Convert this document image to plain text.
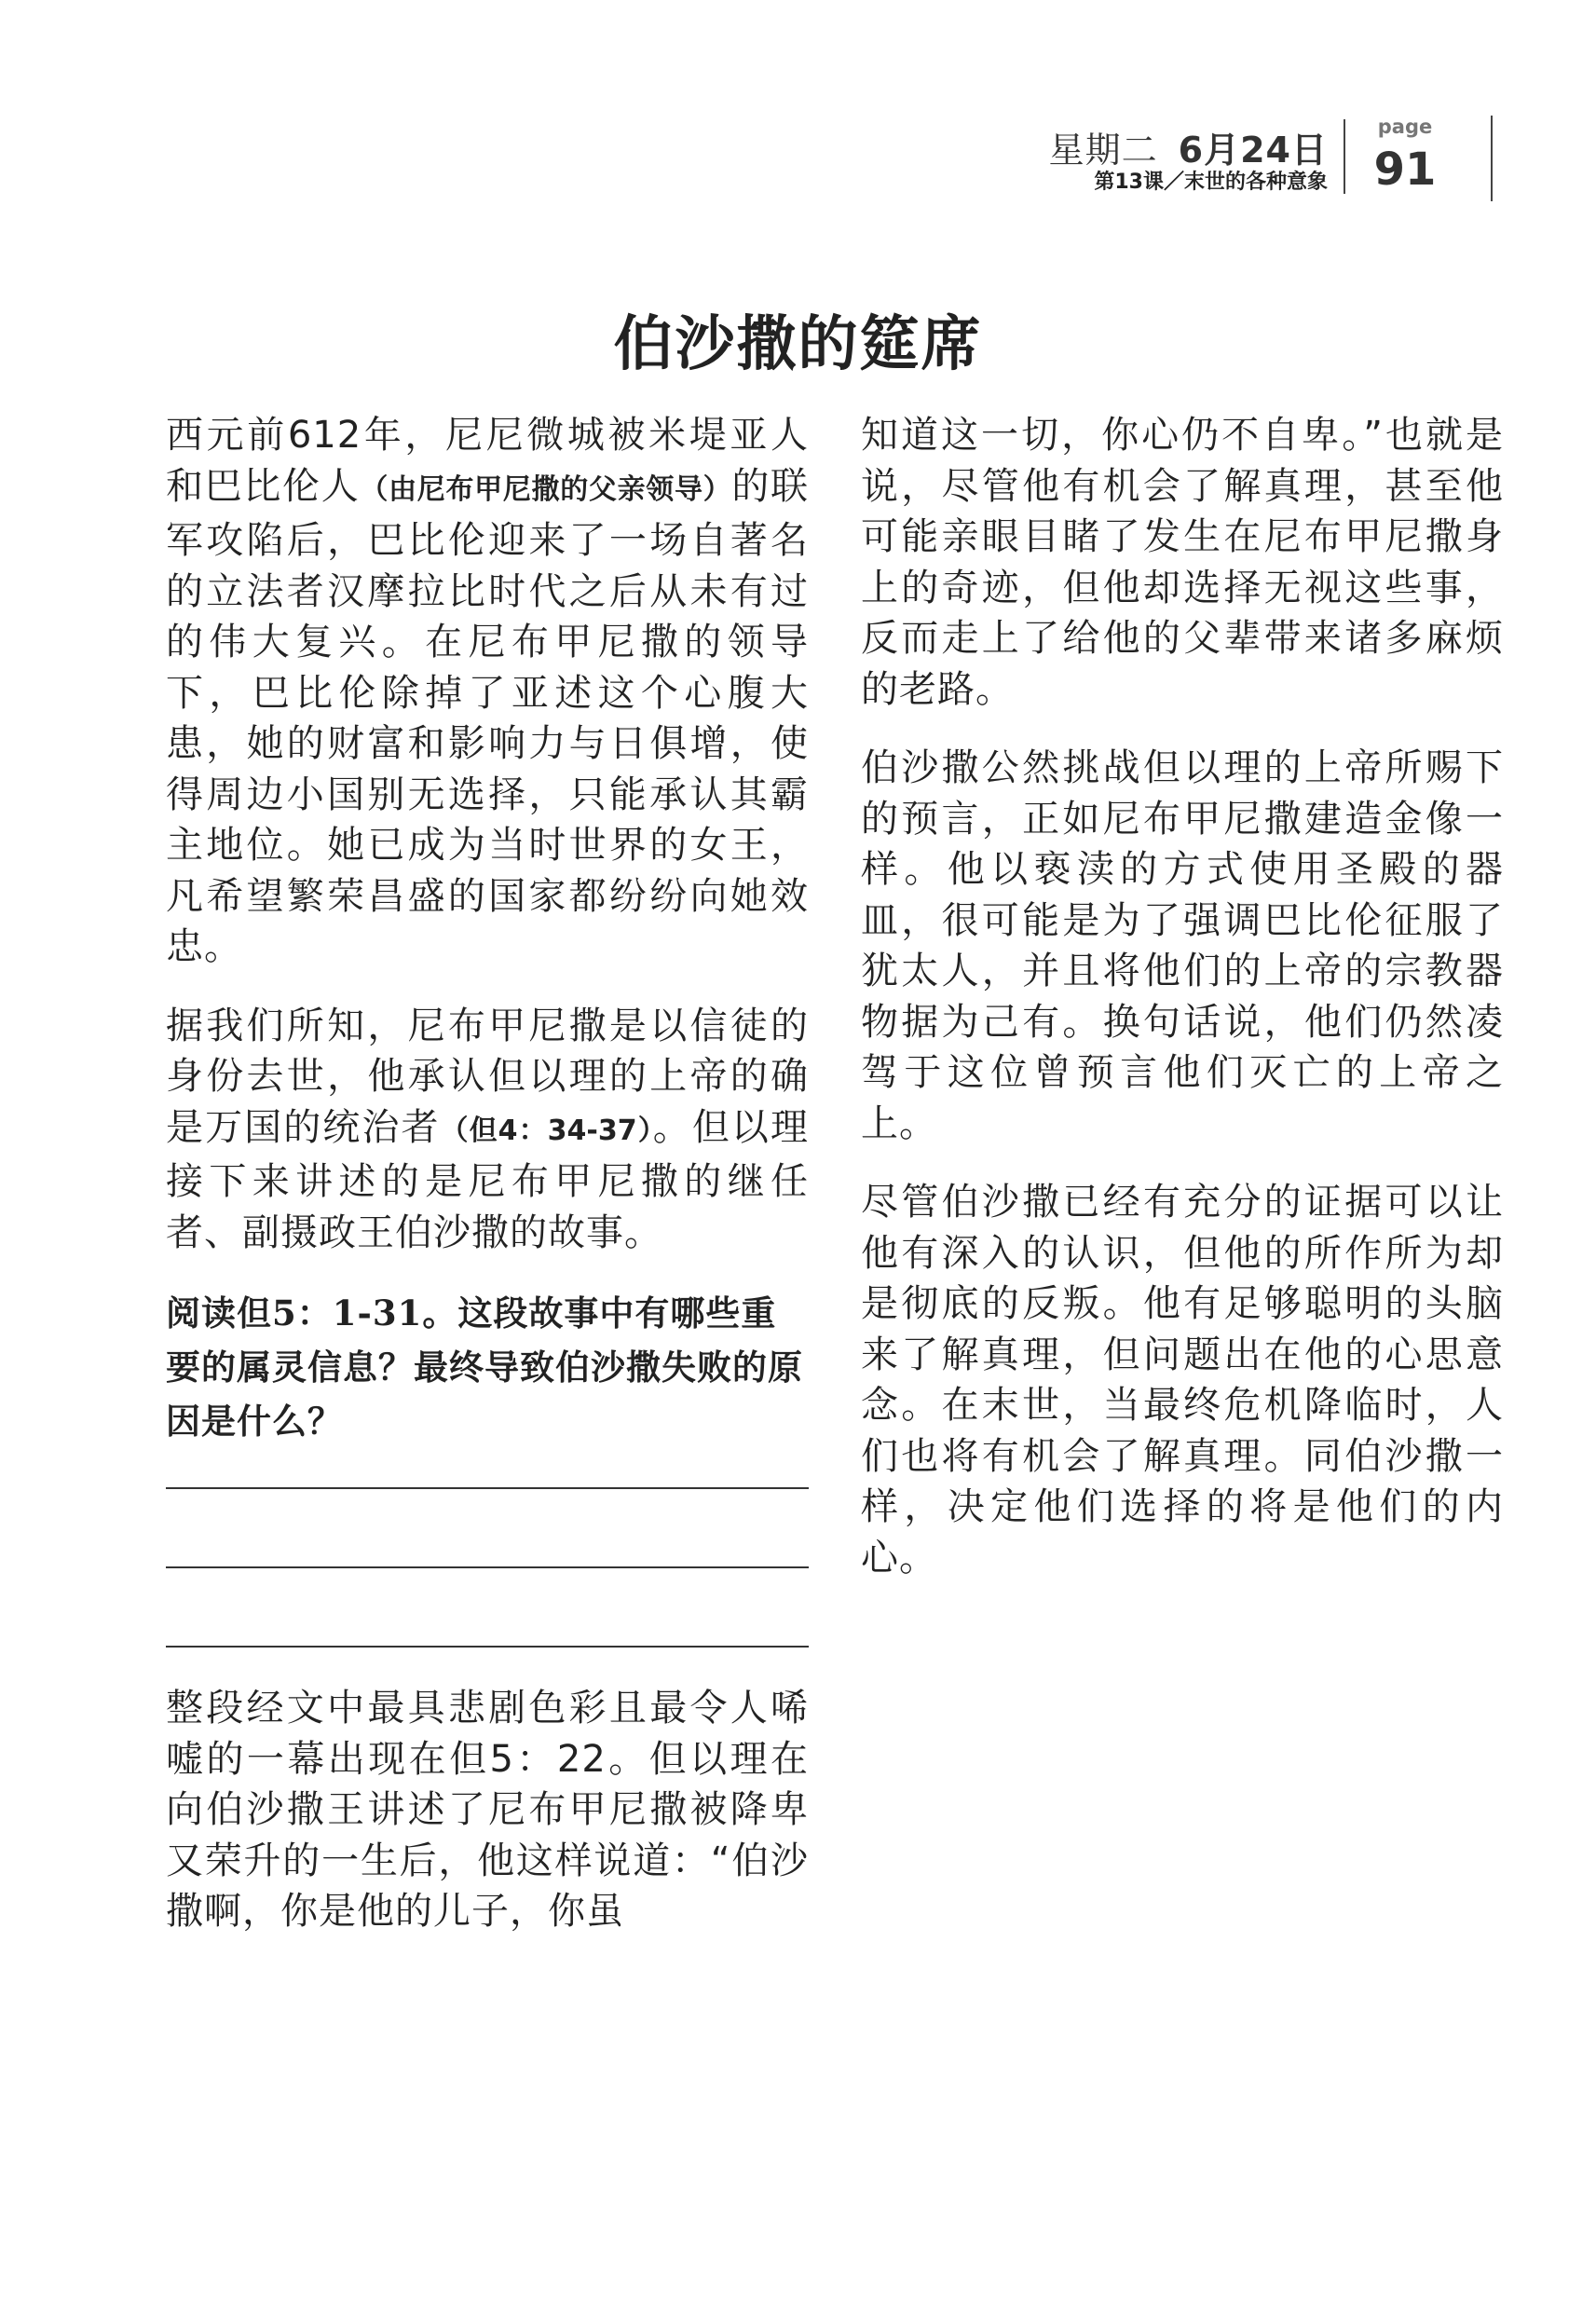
星期二 6月24日
第13课／末世的各种意象
page
91
伯沙撒的筵席

西元前612年，尼尼微城被米堤亚人和巴比伦人（由尼布甲尼撒的父亲领导）的联军攻陷后，巴比伦迎来了一场自著名的立法者汉摩拉比时代之后从未有过的伟大复兴。在尼布甲尼撒的领导下，巴比伦除掉了亚述这个心腹大患，她的财富和影响力与日俱增，使得周边小国别无选择，只能承认其霸主地位。她已成为当时世界的女王，凡希望繁荣昌盛的国家都纷纷向她效忠。

据我们所知，尼布甲尼撒是以信徒的身份去世，他承认但以理的上帝的确是万国的统治者（但4：34-37）。但以理接下来讲述的是尼布甲尼撒的继任者、副摄政王伯沙撒的故事。

阅读但5：1-31。这段故事中有哪些重要的属灵信息？最终导致伯沙撒失败的原因是什么？

整段经文中最具悲剧色彩且最令人唏嘘的一幕出现在但5：22。但以理在向伯沙撒王讲述了尼布甲尼撒被降卑又荣升的一生后，他这样说道：“伯沙撒啊，你是他的儿子，你虽

知道这一切，你心仍不自卑。”也就是说，尽管他有机会了解真理，甚至他可能亲眼目睹了发生在尼布甲尼撒身上的奇迹，但他却选择无视这些事，反而走上了给他的父辈带来诸多麻烦的老路。

伯沙撒公然挑战但以理的上帝所赐下的预言，正如尼布甲尼撒建造金像一样。他以亵渎的方式使用圣殿的器皿，很可能是为了强调巴比伦征服了犹太人，并且将他们的上帝的宗教器物据为己有。换句话说，他们仍然凌驾于这位曾预言他们灭亡的上帝之上。

尽管伯沙撒已经有充分的证据可以让他有深入的认识，但他的所作所为却是彻底的反叛。他有足够聪明的头脑来了解真理，但问题出在他的心思意念。在末世，当最终危机降临时，人们也将有机会了解真理。同伯沙撒一样，决定他们选择的将是他们的内心。
